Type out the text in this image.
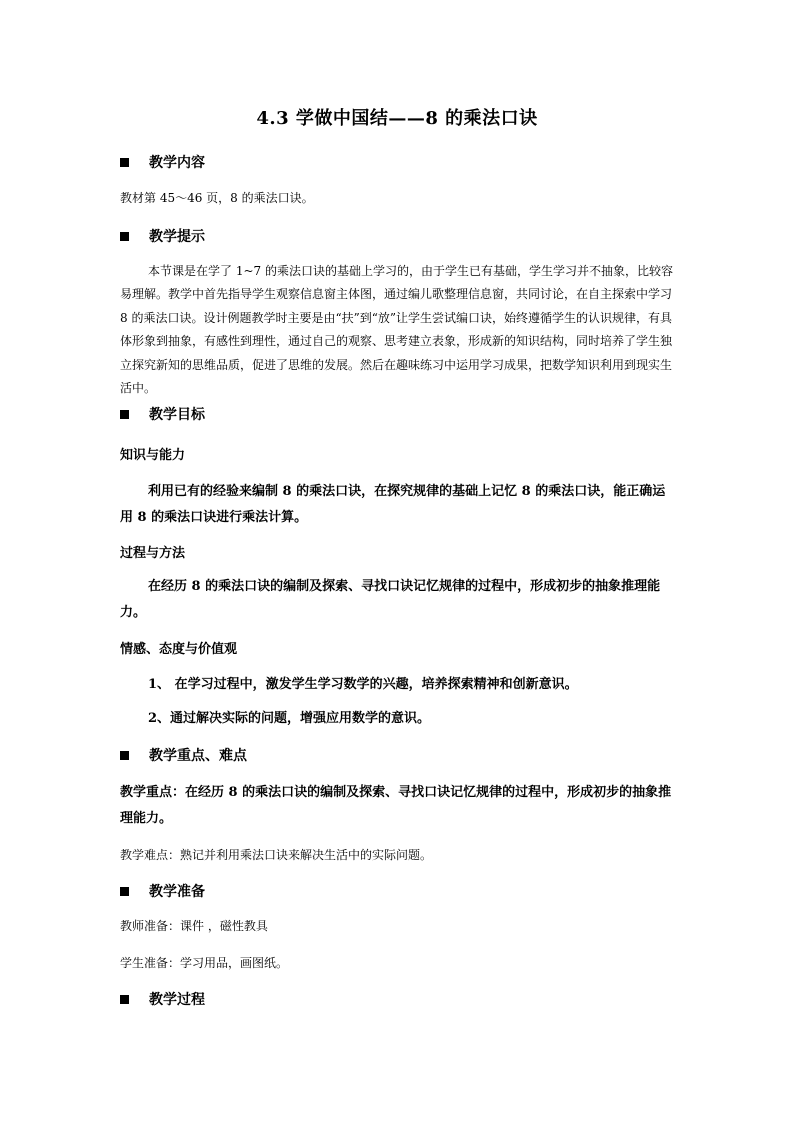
4.3 学做中国结——8 的乘法口诀
教学内容
教材第 45～46 页，8 的乘法口诀。
教学提示
本节课是在学了 1~7 的乘法口诀的基础上学习的，由于学生已有基础，学生学习并不抽象，比较容易理解。教学中首先指导学生观察信息窗主体图，通过编儿歌整理信息窗，共同讨论，在自主探索中学习 8 的乘法口诀。设计例题教学时主要是由“扶”到“放”让学生尝试编口诀，始终遵循学生的认识规律，有具体形象到抽象，有感性到理性，通过自己的观察、思考建立表象，形成新的知识结构，同时培养了学生独立探究新知的思维品质，促进了思维的发展。然后在趣味练习中运用学习成果，把数学知识利用到现实生活中。
教学目标
知识与能力
利用已有的经验来编制 8 的乘法口诀，在探究规律的基础上记忆 8 的乘法口诀，能正确运用 8 的乘法口诀进行乘法计算。
过程与方法
在经历 8 的乘法口诀的编制及探索、寻找口诀记忆规律的过程中，形成初步的抽象推理能力。
情感、态度与价值观
1、 在学习过程中，激发学生学习数学的兴趣，培养探索精神和创新意识。
2、通过解决实际的问题，增强应用数学的意识。
教学重点、难点
教学重点：在经历 8 的乘法口诀的编制及探索、寻找口诀记忆规律的过程中，形成初步的抽象推理能力。
教学难点：熟记并利用乘法口诀来解决生活中的实际问题。
教学准备
教师准备：课件 ，磁性教具
学生准备：学习用品，画图纸。
教学过程
